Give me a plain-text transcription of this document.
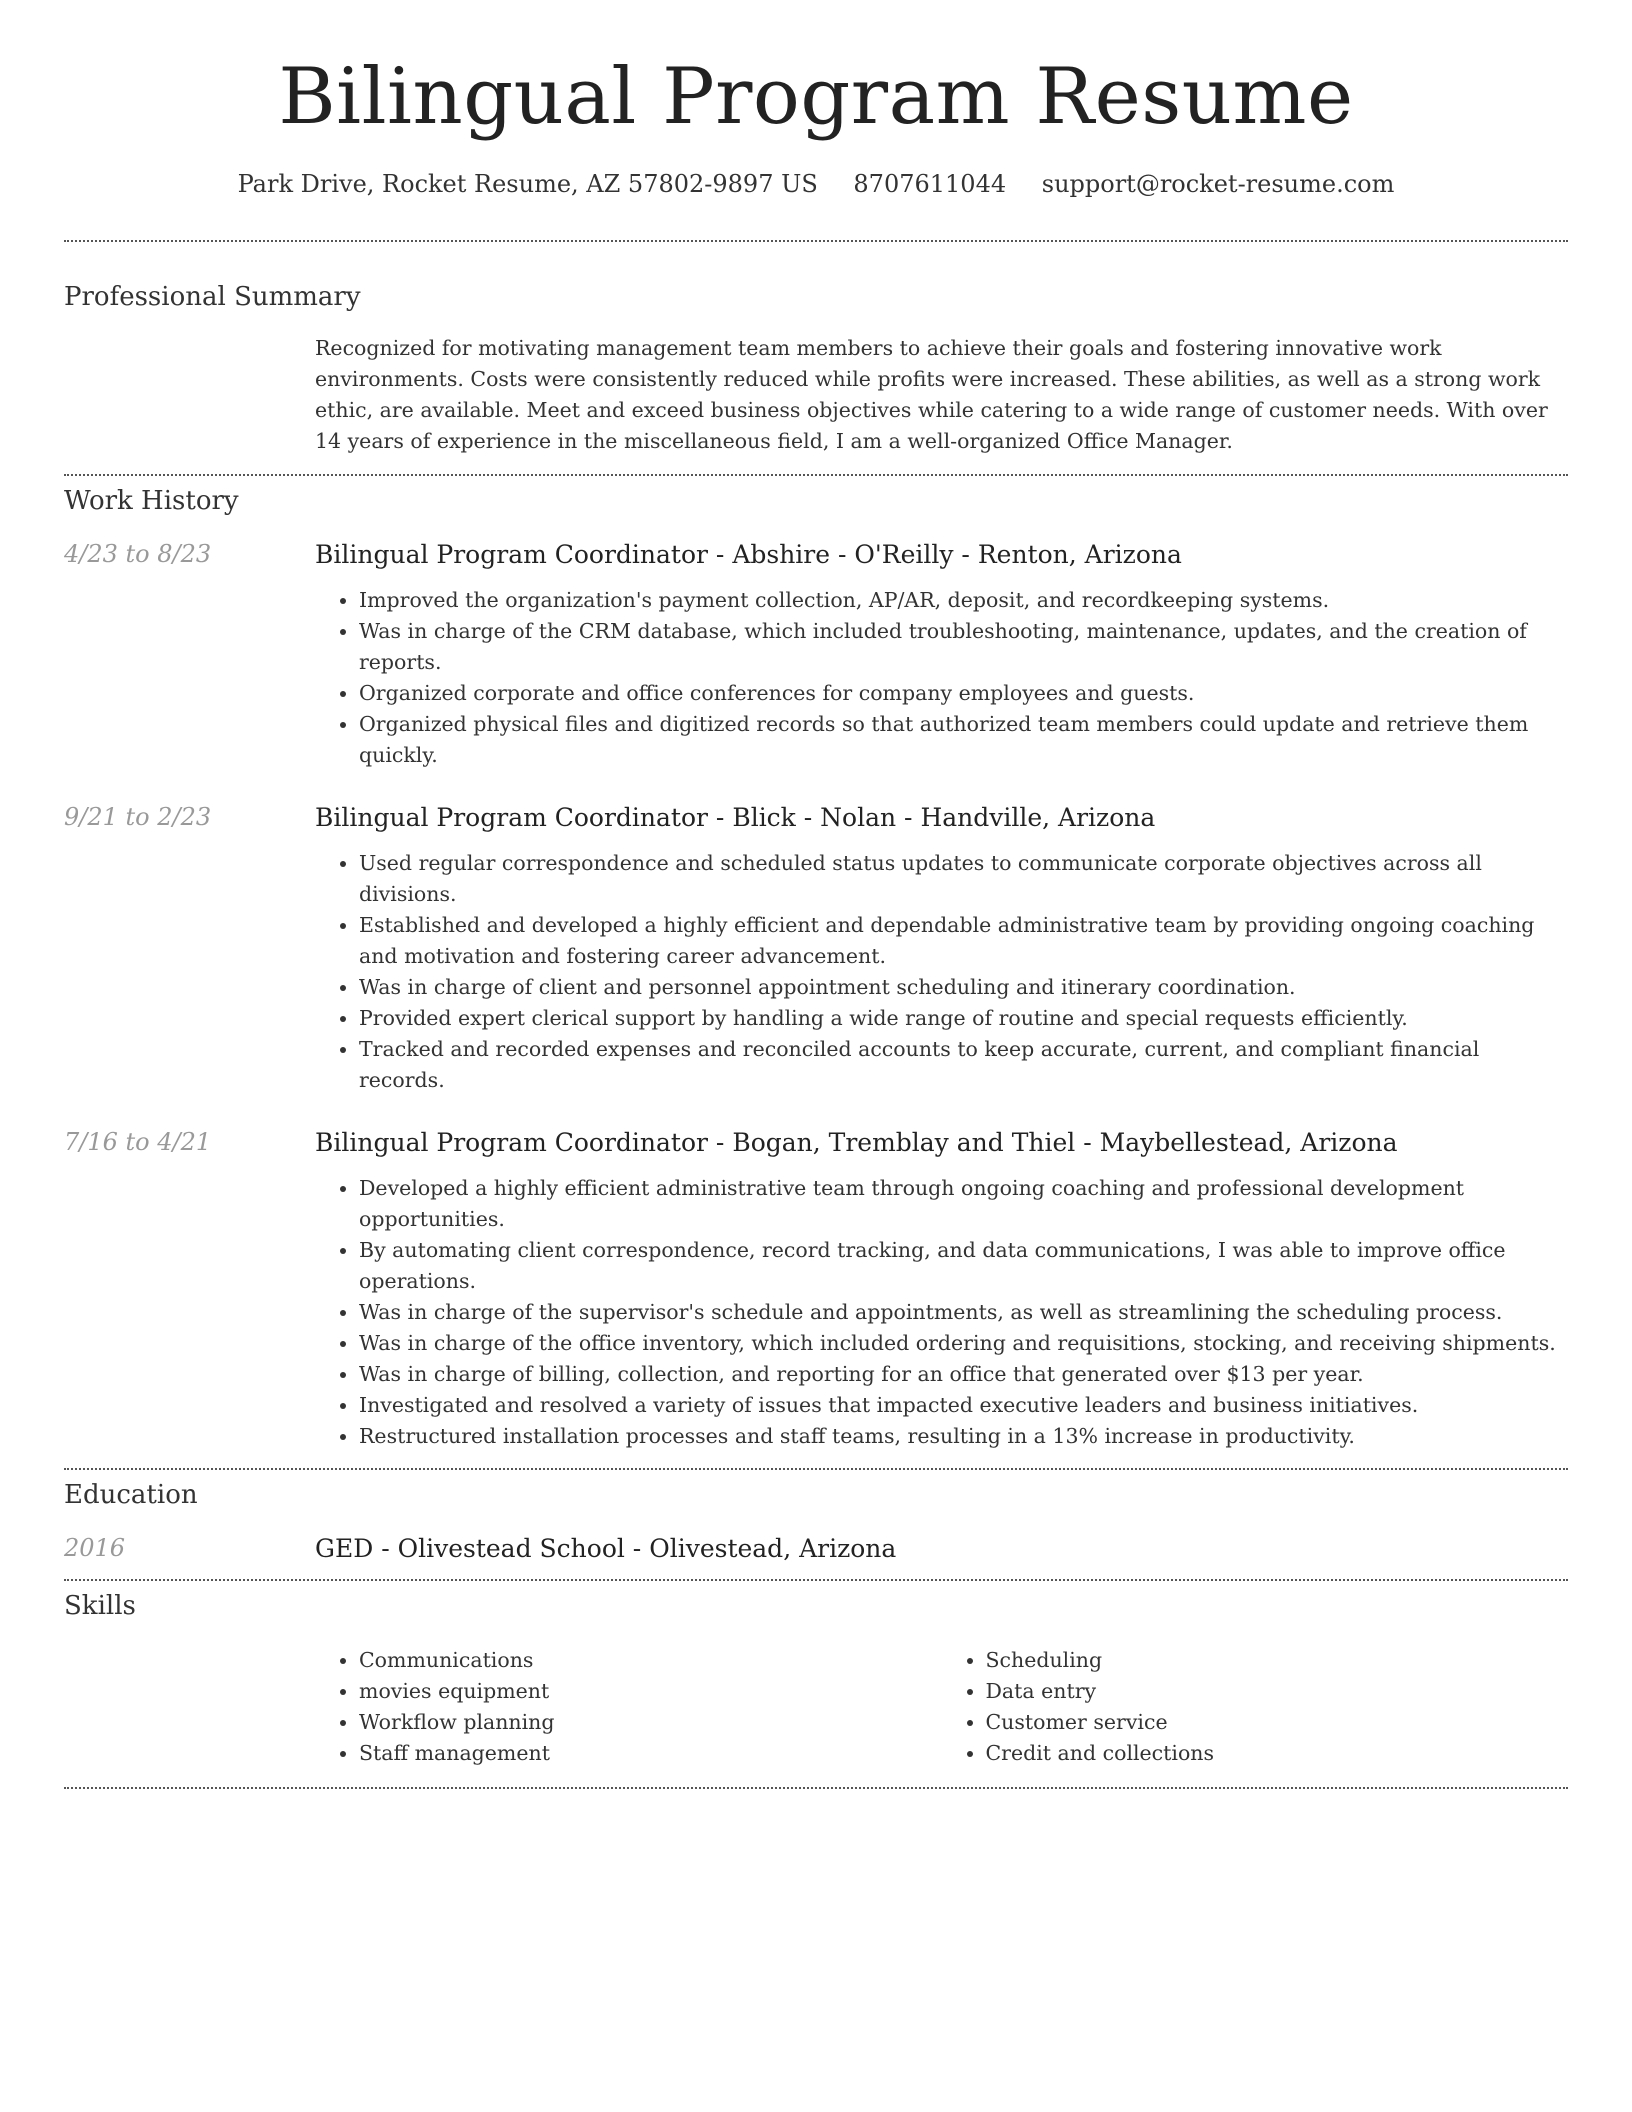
Bilingual Program Resume
Park Drive, Rocket Resume, AZ 57802-9897 US 8707611044 support@rocket-resume.com
Professional Summary

Recognized for motivating management team members to achieve their goals and fostering innovative work environments. Costs were consistently reduced while profits were increased. These abilities, as well as a strong work ethic, are available. Meet and exceed business objectives while catering to a wide range of customer needs. With over 14 years of experience in the miscellaneous field, I am a well-organized Office Manager.

Work History
4/23 to 8/23	Bilingual Program Coordinator - Abshire - O'Reilly - Renton, Arizona
• Improved the organization's payment collection, AP/AR, deposit, and recordkeeping systems.
• Was in charge of the CRM database, which included troubleshooting, maintenance, updates, and the creation of reports.
• Organized corporate and office conferences for company employees and guests.
• Organized physical files and digitized records so that authorized team members could update and retrieve them quickly.
9/21 to 2/23	Bilingual Program Coordinator - Blick - Nolan - Handville, Arizona
• Used regular correspondence and scheduled status updates to communicate corporate objectives across all divisions.
• Established and developed a highly efficient and dependable administrative team by providing ongoing coaching and motivation and fostering career advancement.
• Was in charge of client and personnel appointment scheduling and itinerary coordination.
• Provided expert clerical support by handling a wide range of routine and special requests efficiently.
• Tracked and recorded expenses and reconciled accounts to keep accurate, current, and compliant financial records.
7/16 to 4/21	Bilingual Program Coordinator - Bogan, Tremblay and Thiel - Maybellestead, Arizona
• Developed a highly efficient administrative team through ongoing coaching and professional development opportunities.
• By automating client correspondence, record tracking, and data communications, I was able to improve office operations.
• Was in charge of the supervisor's schedule and appointments, as well as streamlining the scheduling process.
• Was in charge of the office inventory, which included ordering and requisitions, stocking, and receiving shipments.
• Was in charge of billing, collection, and reporting for an office that generated over $13 per year.
• Investigated and resolved a variety of issues that impacted executive leaders and business initiatives.
• Restructured installation processes and staff teams, resulting in a 13% increase in productivity.
Education
2016	GED - Olivestead School - Olivestead, Arizona
Skills
• Communications
• movies equipment
• Workflow planning
• Staff management
• Scheduling
• Data entry
• Customer service
• Credit and collections
